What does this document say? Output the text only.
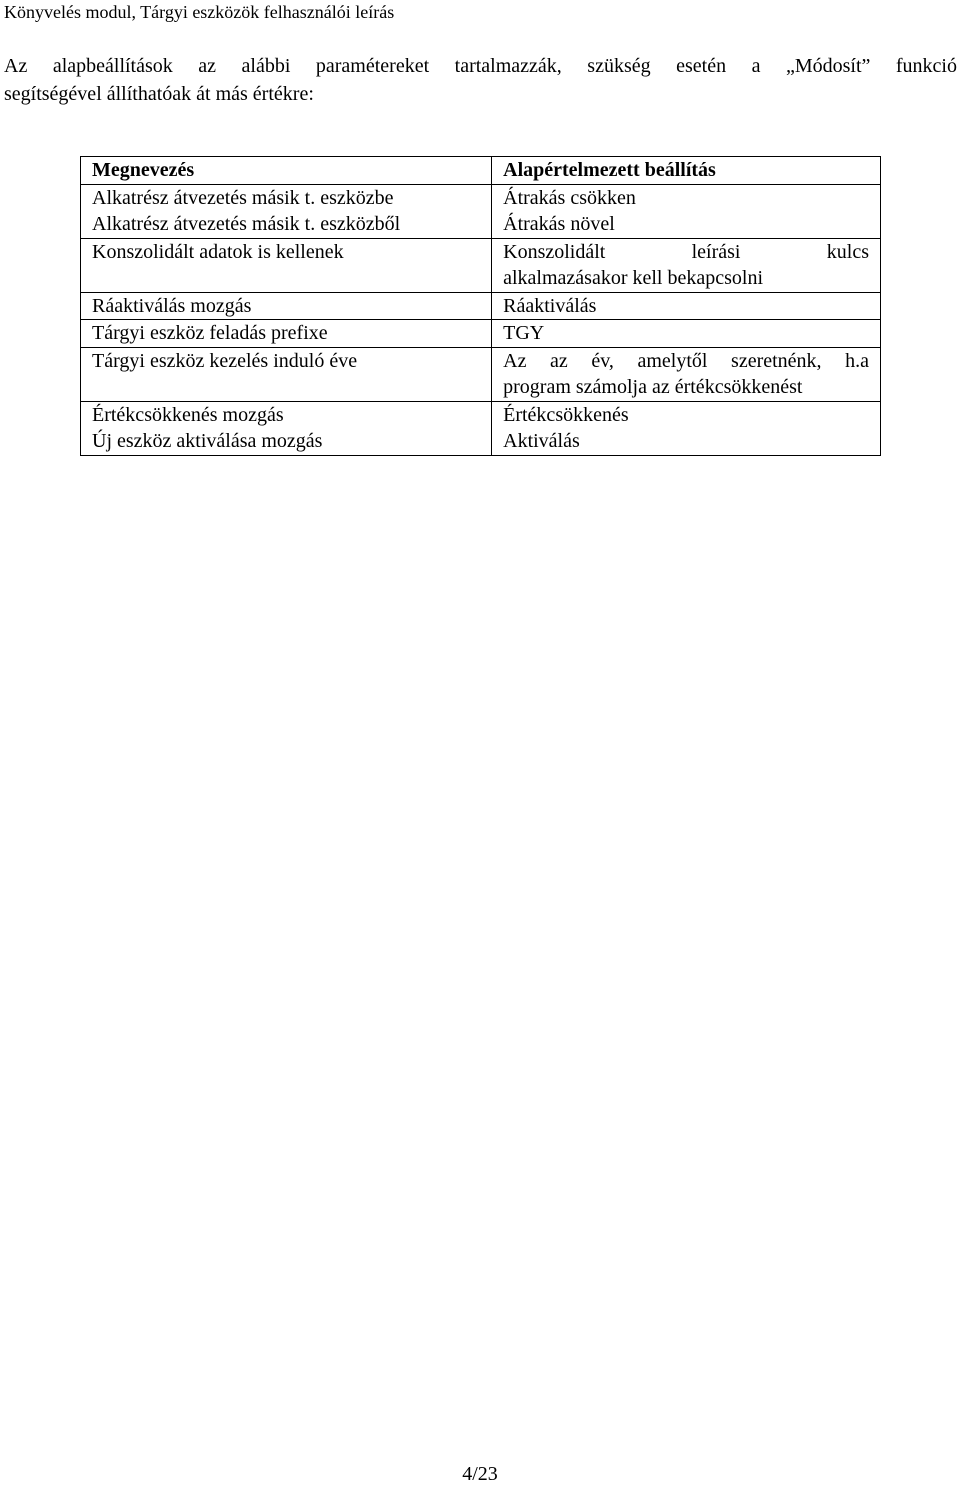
Könyvelés modul, Tárgyi eszközök felhasználói leírás

Az alapbeállítások az alábbi paramétereket tartalmazzák, szükség esetén a „Módosít” funkció

segítségével állíthatóak át más értékre:

Megnevezés	Alapértelmezett beállítás
Alkatrész átvezetés másik t. eszközbe	Átrakás csökken
Alkatrész átvezetés másik t. eszközből	Átrakás növel
Konszolidált adatok is kellenek	Konszolidált leírási kulcs
alkalmazásakor kell bekapcsolni
Ráaktiválás mozgás	Ráaktiválás
Tárgyi eszköz feladás prefixe	TGY
Tárgyi eszköz kezelés induló éve	Az az év, amelytől szeretnénk, h.a
program számolja az értékcsökkenést
Értékcsökkenés mozgás	Értékcsökkenés
Új eszköz aktiválása mozgás	Aktiválás
4/23
